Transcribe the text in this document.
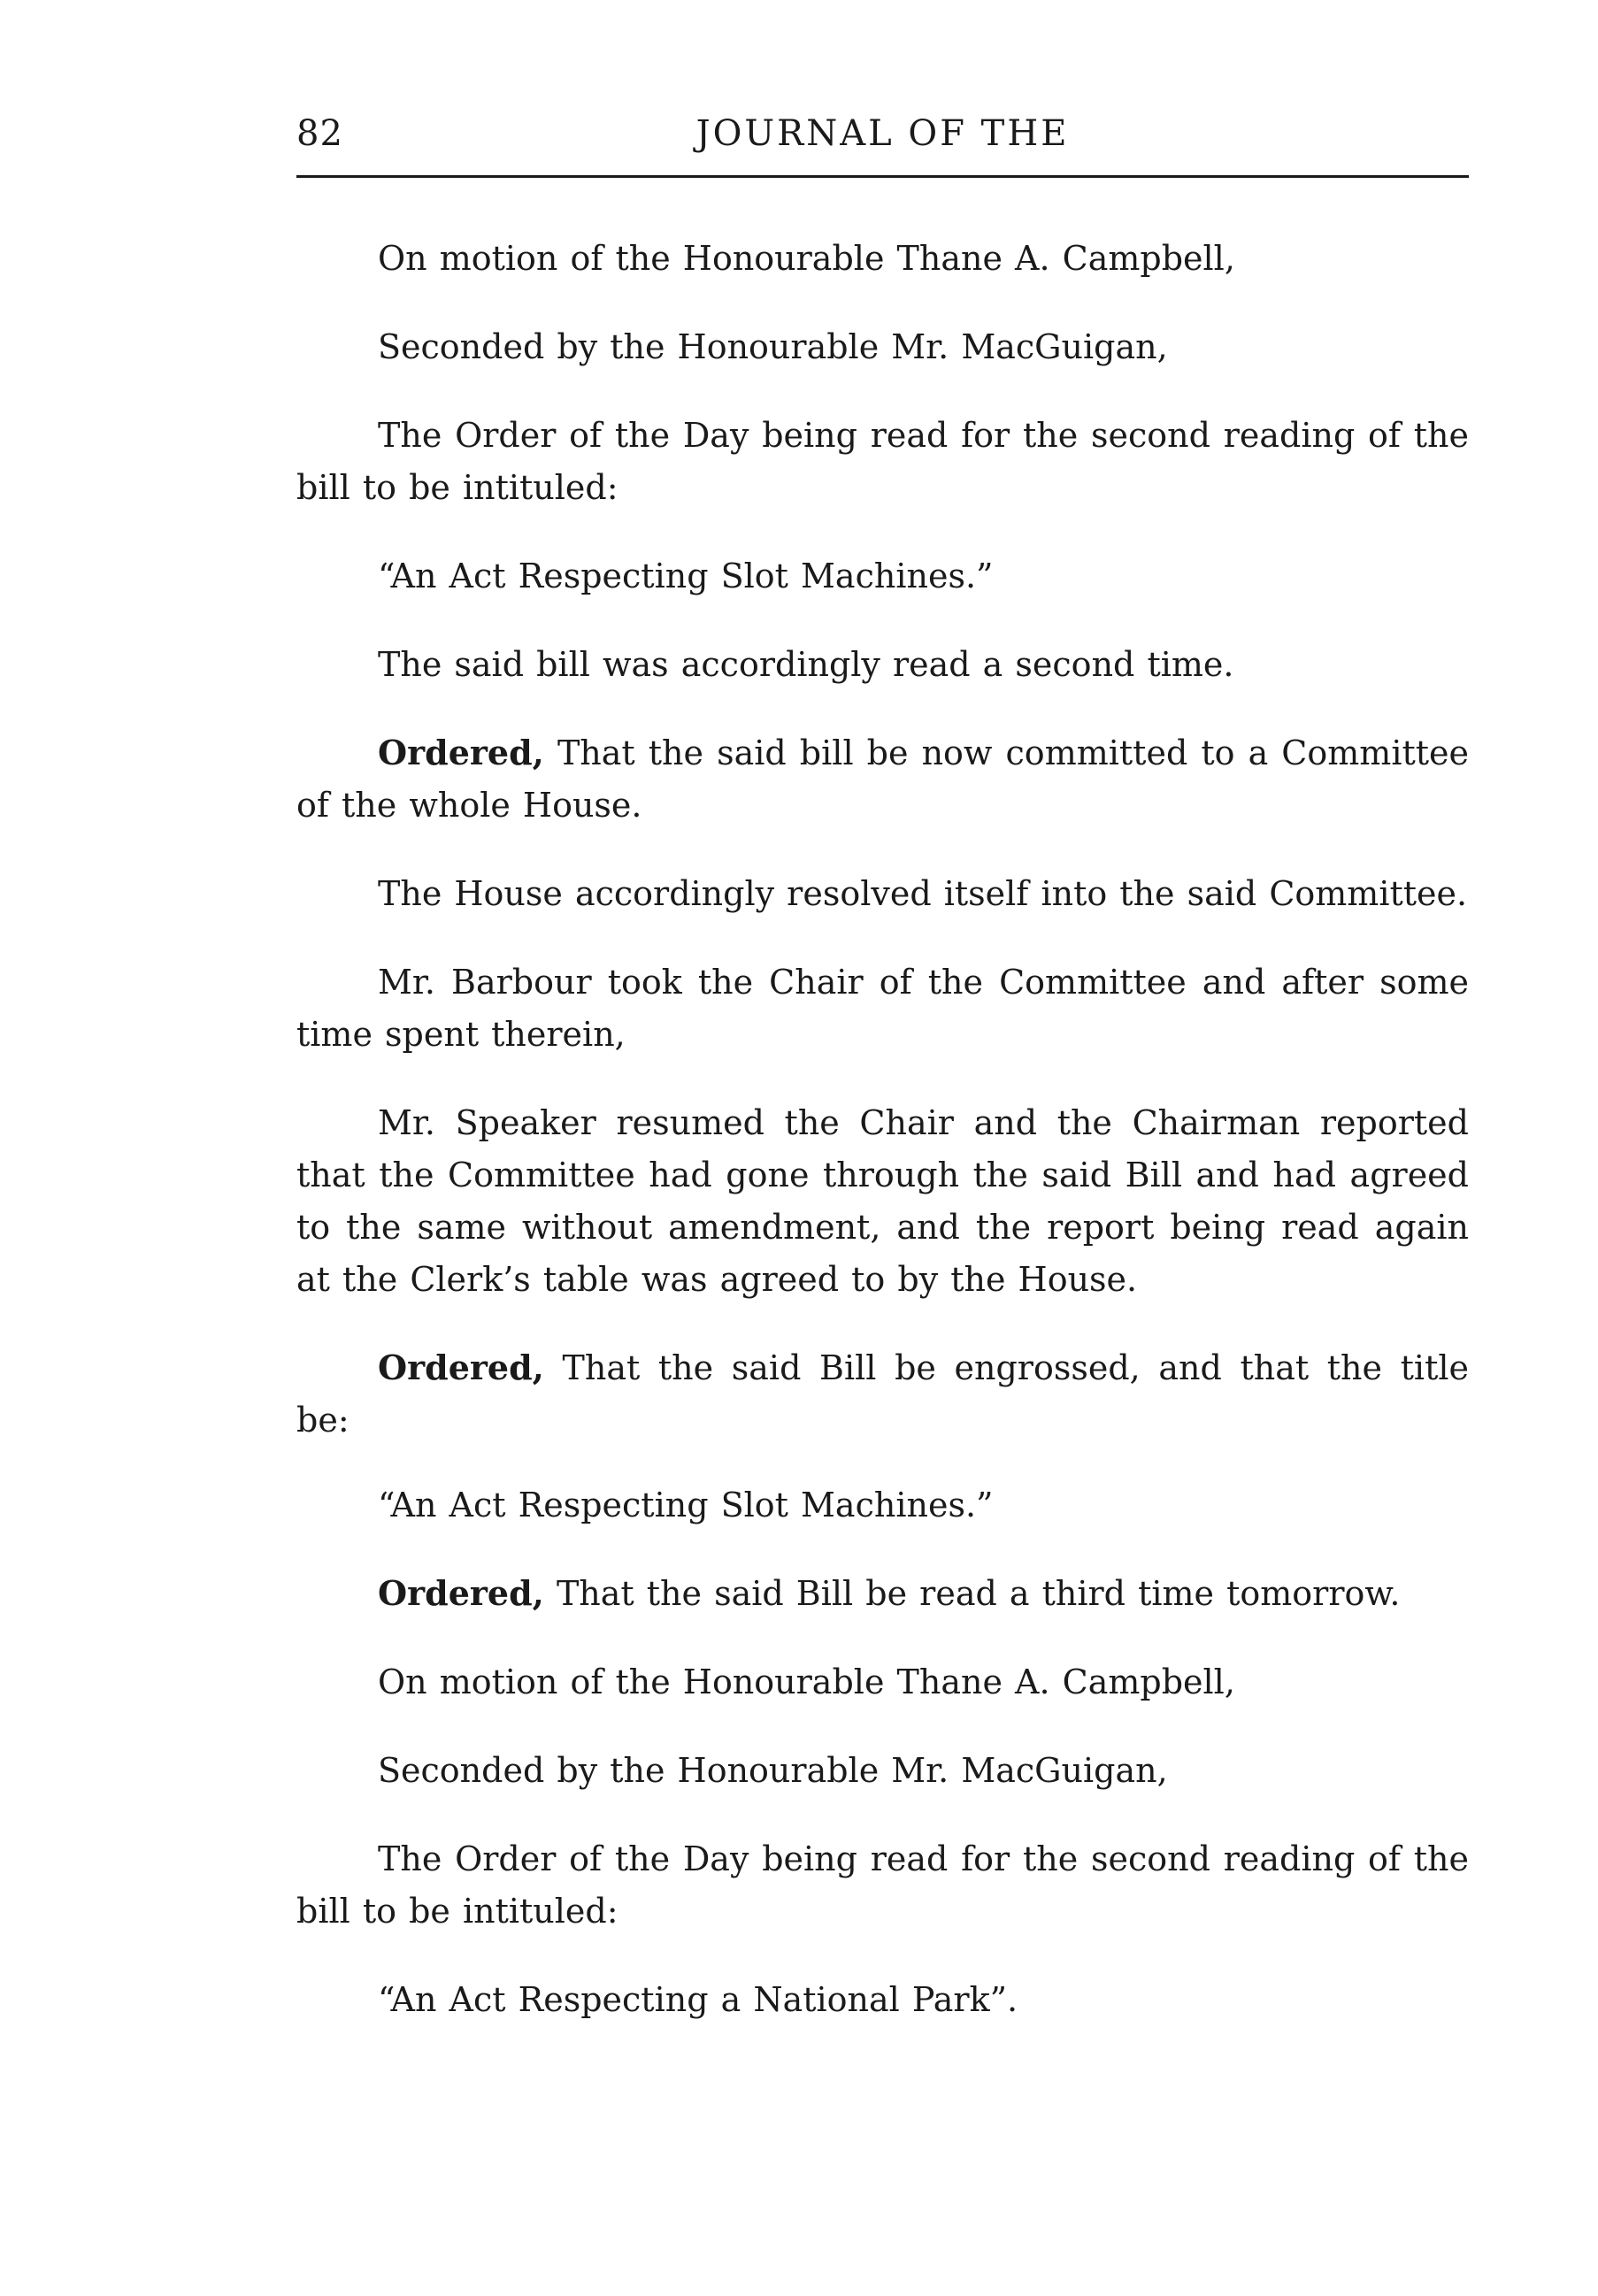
82	JOURNAL OF THE

On motion of the Honourable Thane A. Campbell,

Seconded by the Honourable Mr. MacGuigan,

The Order of the Day being read for the second reading of the bill to be intituled:

“An Act Respecting Slot Machines.”

The said bill was accordingly read a second time.

Ordered, That the said bill be now committed to a Committee of the whole House.

The House accordingly resolved itself into the said Committee.

Mr. Barbour took the Chair of the Committee and after some time spent therein,

Mr. Speaker resumed the Chair and the Chairman reported that the Committee had gone through the said Bill and had agreed to the same without amendment, and the report being read again at the Clerk’s table was agreed to by the House.

Ordered, That the said Bill be engrossed, and that the title be:

“An Act Respecting Slot Machines.”

Ordered, That the said Bill be read a third time tomorrow.

On motion of the Honourable Thane A. Campbell,

Seconded by the Honourable Mr. MacGuigan,

The Order of the Day being read for the second reading of the bill to be intituled:

“An Act Respecting a National Park”.
